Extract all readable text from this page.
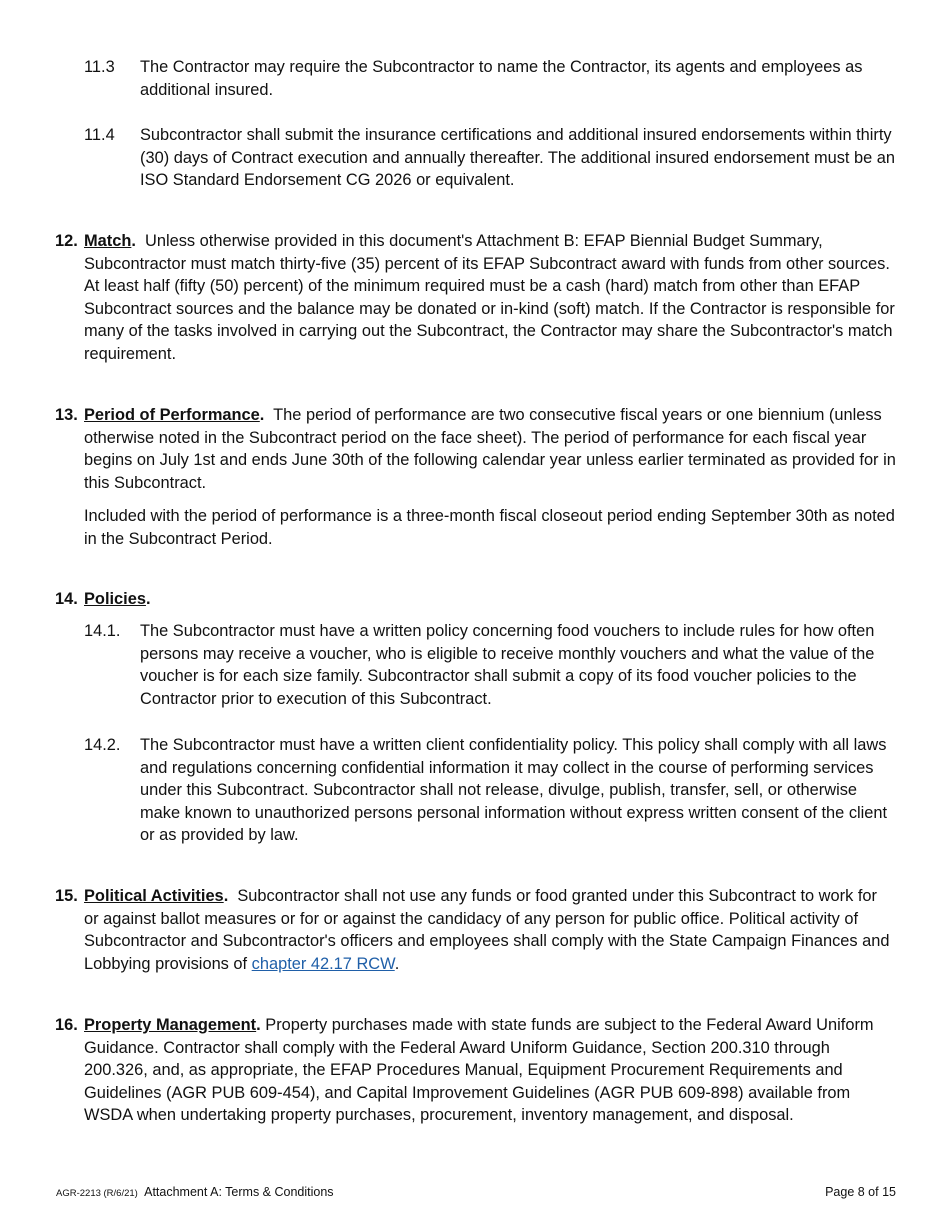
11.3 The Contractor may require the Subcontractor to name the Contractor, its agents and employees as additional insured.
11.4 Subcontractor shall submit the insurance certifications and additional insured endorsements within thirty (30) days of Contract execution and annually thereafter. The additional insured endorsement must be an ISO Standard Endorsement CG 2026 or equivalent.
12. Match. Unless otherwise provided in this document's Attachment B: EFAP Biennial Budget Summary, Subcontractor must match thirty-five (35) percent of its EFAP Subcontract award with funds from other sources. At least half (fifty (50) percent) of the minimum required must be a cash (hard) match from other than EFAP Subcontract sources and the balance may be donated or in-kind (soft) match. If the Contractor is responsible for many of the tasks involved in carrying out the Subcontract, the Contractor may share the Subcontractor's match requirement.
13. Period of Performance. The period of performance are two consecutive fiscal years or one biennium (unless otherwise noted in the Subcontract period on the face sheet). The period of performance for each fiscal year begins on July 1st and ends June 30th of the following calendar year unless earlier terminated as provided for in this Subcontract.
Included with the period of performance is a three-month fiscal closeout period ending September 30th as noted in the Subcontract Period.
14. Policies.
14.1. The Subcontractor must have a written policy concerning food vouchers to include rules for how often persons may receive a voucher, who is eligible to receive monthly vouchers and what the value of the voucher is for each size family. Subcontractor shall submit a copy of its food voucher policies to the Contractor prior to execution of this Subcontract.
14.2. The Subcontractor must have a written client confidentiality policy. This policy shall comply with all laws and regulations concerning confidential information it may collect in the course of performing services under this Subcontract. Subcontractor shall not release, divulge, publish, transfer, sell, or otherwise make known to unauthorized persons personal information without express written consent of the client or as provided by law.
15. Political Activities. Subcontractor shall not use any funds or food granted under this Subcontract to work for or against ballot measures or for or against the candidacy of any person for public office. Political activity of Subcontractor and Subcontractor's officers and employees shall comply with the State Campaign Finances and Lobbying provisions of chapter 42.17 RCW.
16. Property Management. Property purchases made with state funds are subject to the Federal Award Uniform Guidance. Contractor shall comply with the Federal Award Uniform Guidance, Section 200.310 through 200.326, and, as appropriate, the EFAP Procedures Manual, Equipment Procurement Requirements and Guidelines (AGR PUB 609-454), and Capital Improvement Guidelines (AGR PUB 609-898) available from WSDA when undertaking property purchases, procurement, inventory management, and disposal.
AGR-2213 (R/6/21) Attachment A: Terms & Conditions	Page 8 of 15
